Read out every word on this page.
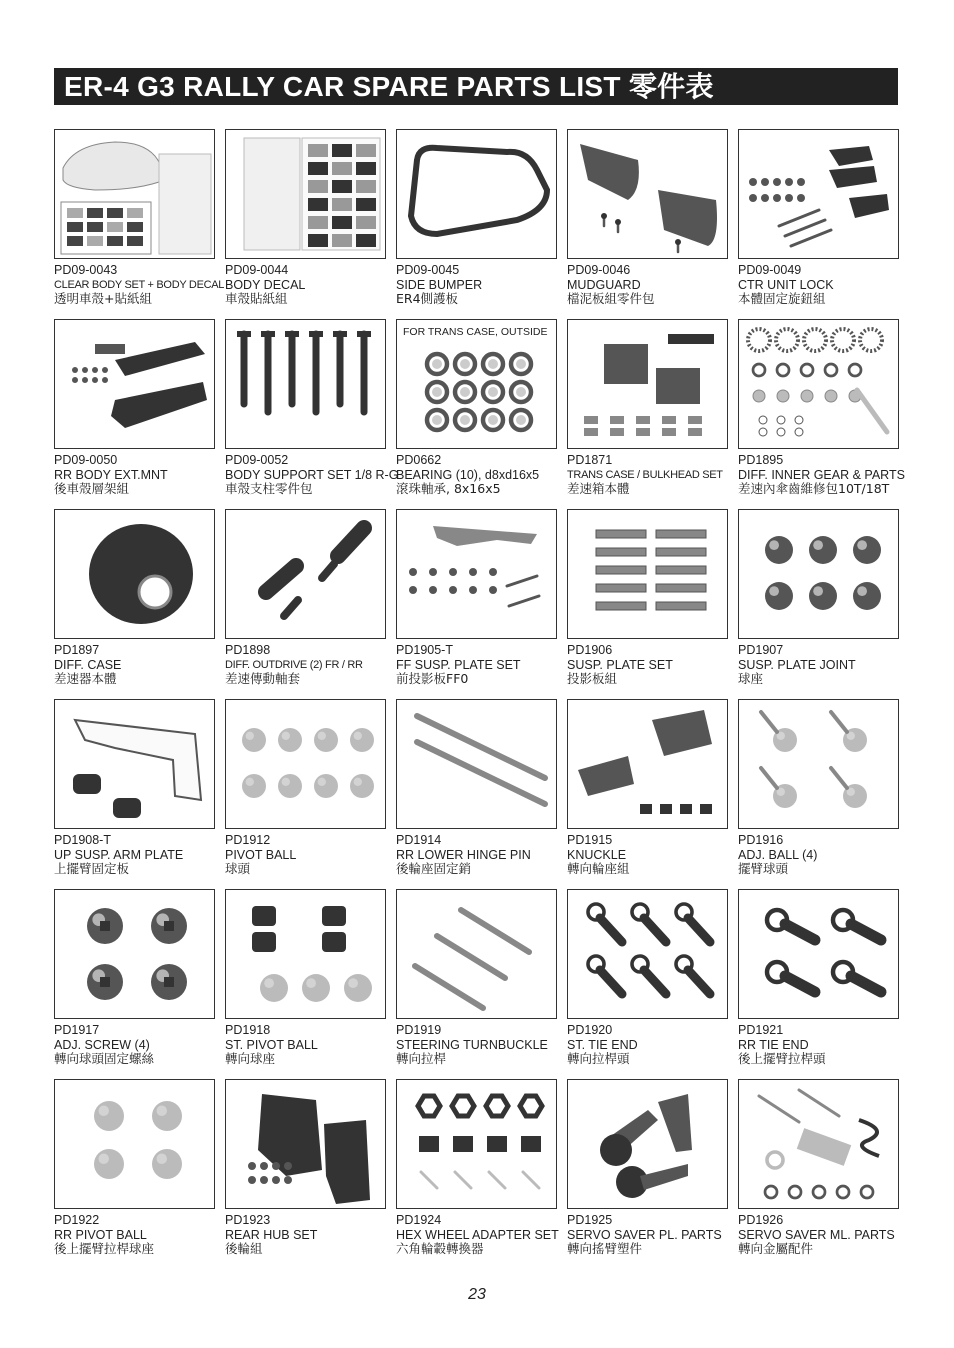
ER-4 G3 RALLY CAR SPARE PARTS LIST 零件表
PD09-0043
CLEAR BODY SET + BODY DECAL
透明車殼+貼紙組
PD09-0044
BODY DECAL
車殼貼紙組
PD09-0045
SIDE BUMPER
ER4側護板
PD09-0046
MUDGUARD
檔泥板組零件包
PD09-0049
CTR UNIT LOCK
本體固定旋鈕組
PD09-0050
RR BODY EXT.MNT
後車殼層架組
PD09-0052
BODY SUPPORT SET 1/8 R-G
車殼支柱零件包
FOR TRANS CASE, OUTSIDE
PD0662
BEARING (10), d8xd16x5
滾珠軸承, 8x16x5
PD1871
TRANS CASE / BULKHEAD SET
差速箱本體
PD1895
DIFF. INNER GEAR & PARTS
差速內傘齒維修包10T/18T
PD1897
DIFF. CASE
差速器本體
PD1898
DIFF. OUTDRIVE (2) FR / RR
差速傳動軸套
PD1905-T
FF SUSP. PLATE SET
前投影板FF0
PD1906
SUSP. PLATE SET
投影板組
PD1907
SUSP. PLATE JOINT
球座
PD1908-T
UP SUSP. ARM PLATE
上擺臂固定板
PD1912
PIVOT BALL
球頭
PD1914
RR LOWER HINGE PIN
後輪座固定銷
PD1915
KNUCKLE
轉向輪座組
PD1916
ADJ. BALL (4)
擺臂球頭
PD1917
ADJ. SCREW (4)
轉向球頭固定螺絲
PD1918
ST. PIVOT BALL
轉向球座
PD1919
STEERING TURNBUCKLE
轉向拉桿
PD1920
ST. TIE END
轉向拉桿頭
PD1921
RR TIE END
後上擺臂拉桿頭
PD1922
RR PIVOT BALL
後上擺臂拉桿球座
PD1923
REAR HUB SET
後輪組
PD1924
HEX WHEEL ADAPTER SET
六角輪轂轉換器
PD1925
SERVO SAVER PL. PARTS
轉向搖臂塑件
PD1926
SERVO SAVER ML. PARTS
轉向金屬配件
23
